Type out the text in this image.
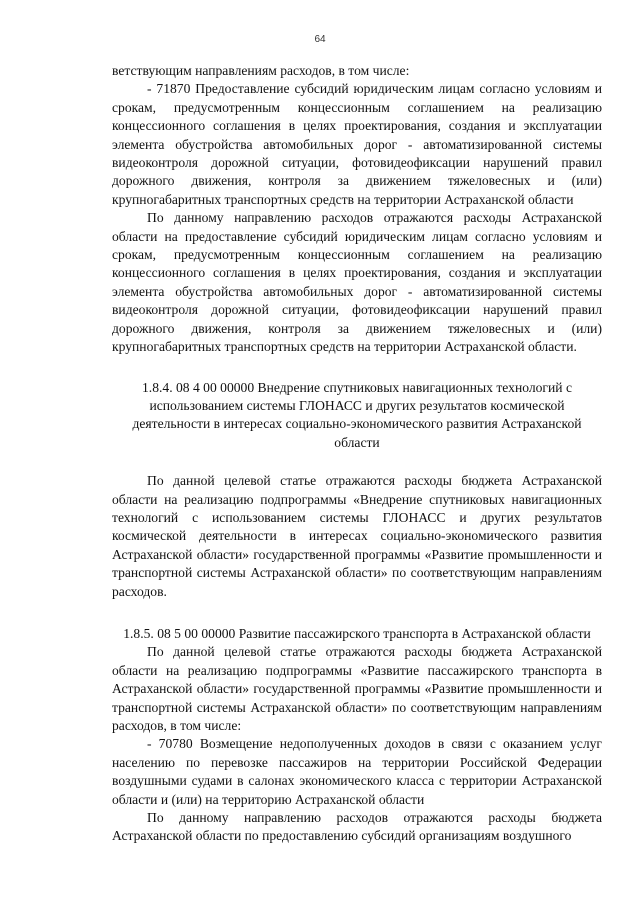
64

ветствующим направлениям расходов, в том числе:

- 71870 Предоставление субсидий юридическим лицам согласно условиям и срокам, предусмотренным концессионным соглашением на реализацию концессионного соглашения в целях проектирования, создания и эксплуатации элемента обустройства автомобильных дорог - автоматизированной системы видеоконтроля дорожной ситуации, фотовидеофиксации нарушений правил дорожного движения, контроля за движением тяжеловесных и (или) крупногабаритных транспортных средств на территории Астраханской области

По данному направлению расходов отражаются расходы Астраханской области на предоставление субсидий юридическим лицам согласно условиям и срокам, предусмотренным концессионным соглашением на реализацию концессионного соглашения в целях проектирования, создания и эксплуатации элемента обустройства автомобильных дорог - автоматизированной системы видеоконтроля дорожной ситуации, фотовидеофиксации нарушений правил дорожного движения, контроля за движением тяжеловесных и (или) крупногабаритных транспортных средств на территории Астраханской области.

1.8.4. 08 4 00 00000 Внедрение спутниковых навигационных технологий с использованием системы ГЛОНАСС и других результатов космической деятельности в интересах социально-экономического развития Астраханской области

По данной целевой статье отражаются расходы бюджета Астраханской области на реализацию подпрограммы «Внедрение спутниковых навигационных технологий с использованием системы ГЛОНАСС и других результатов космической деятельности в интересах социально-экономического развития Астраханской области» государственной программы «Развитие промышленности и транспортной системы Астраханской области» по соответствующим направлениям расходов.

1.8.5. 08 5 00 00000 Развитие пассажирского транспорта в Астраханской области

По данной целевой статье отражаются расходы бюджета Астраханской области на реализацию подпрограммы «Развитие пассажирского транспорта в Астраханской области» государственной программы «Развитие промышленности и транспортной системы Астраханской области» по соответствующим направлениям расходов, в том числе:

- 70780 Возмещение недополученных доходов в связи с оказанием услуг населению по перевозке пассажиров на территории Российской Федерации воздушными судами в салонах экономического класса с территории Астраханской области и (или) на территорию Астраханской области

По данному направлению расходов отражаются расходы бюджета Астраханской области по предоставлению субсидий организациям воздушного
